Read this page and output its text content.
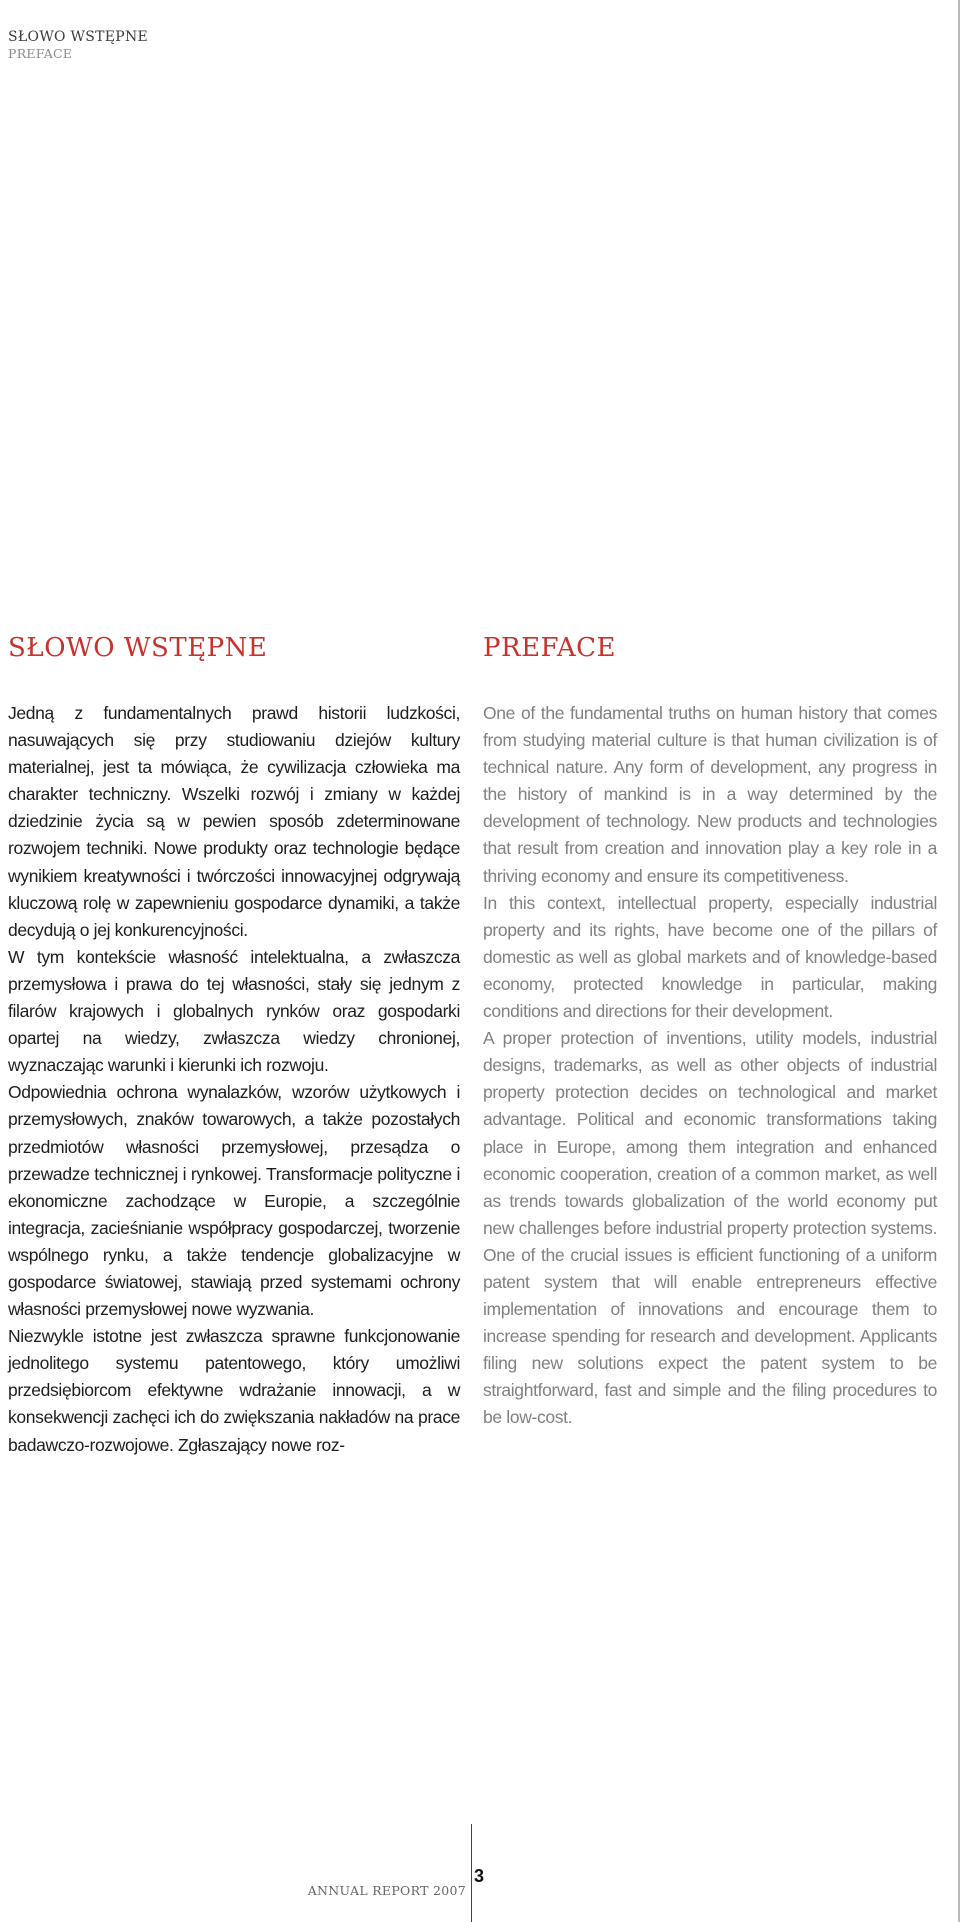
SŁOWO WSTĘPNE
PREFACE
SŁOWO WSTĘPNE

Jedną z fundamentalnych prawd historii ludzkości, nasuwających się przy studiowaniu dziejów kultury materialnej, jest ta mówiąca, że cywilizacja człowieka ma charakter techniczny. Wszelki rozwój i zmiany w każdej dziedzinie życia są w pewien sposób zdeterminowane rozwojem techniki. Nowe produkty oraz technologie będące wynikiem kreatywności i twórczości innowacyjnej odgrywają kluczową rolę w zapewnieniu gospodarce dynamiki, a także decydują o jej konkurencyjności.

W tym kontekście własność intelektualna, a zwłaszcza przemysłowa i prawa do tej własności, stały się jednym z filarów krajowych i globalnych rynków oraz gospodarki opartej na wiedzy, zwłaszcza wiedzy chronionej, wyznaczając warunki i kierunki ich rozwoju.

Odpowiednia ochrona wynalazków, wzorów użytkowych i przemysłowych, znaków towarowych, a także pozostałych przedmiotów własności przemysłowej, przesądza o przewadze technicznej i rynkowej. Transformacje polityczne i ekonomiczne zachodzące w Europie, a szczególnie integracja, zacieśnianie współpracy gospodarczej, tworzenie wspólnego rynku, a także tendencje globalizacyjne w gospodarce światowej, stawiają przed systemami ochrony własności przemysłowej nowe wyzwania.

Niezwykle istotne jest zwłaszcza sprawne funkcjonowanie jednolitego systemu patentowego, który umożliwi przedsiębiorcom efektywne wdrażanie innowacji, a w konsekwencji zachęci ich do zwiększania nakładów na prace badawczo-rozwojowe. Zgłaszający nowe roz-

PREFACE

One of the fundamental truths on human history that comes from studying material culture is that human civilization is of technical nature. Any form of development, any progress in the history of mankind is in a way determined by the development of technology. New products and technologies that result from creation and innovation play a key role in a thriving economy and ensure its competitiveness.

In this context, intellectual property, especially industrial property and its rights, have become one of the pillars of domestic as well as global markets and of knowledge-based economy, protected knowledge in particular, making conditions and directions for their development.

A proper protection of inventions, utility models, industrial designs, trademarks, as well as other objects of industrial property protection decides on technological and market advantage. Political and economic transformations taking place in Europe, among them integration and enhanced economic cooperation, creation of a common market, as well as trends towards globalization of the world economy put new challenges before industrial property protection systems. One of the crucial issues is efficient functioning of a uniform patent system that will enable entrepreneurs effective implementation of innovations and encourage them to increase spending for research and development. Applicants filing new solutions expect the patent system to be straightforward, fast and simple and the filing procedures to be low-cost.

ANNUAL REPORT 2007
3
